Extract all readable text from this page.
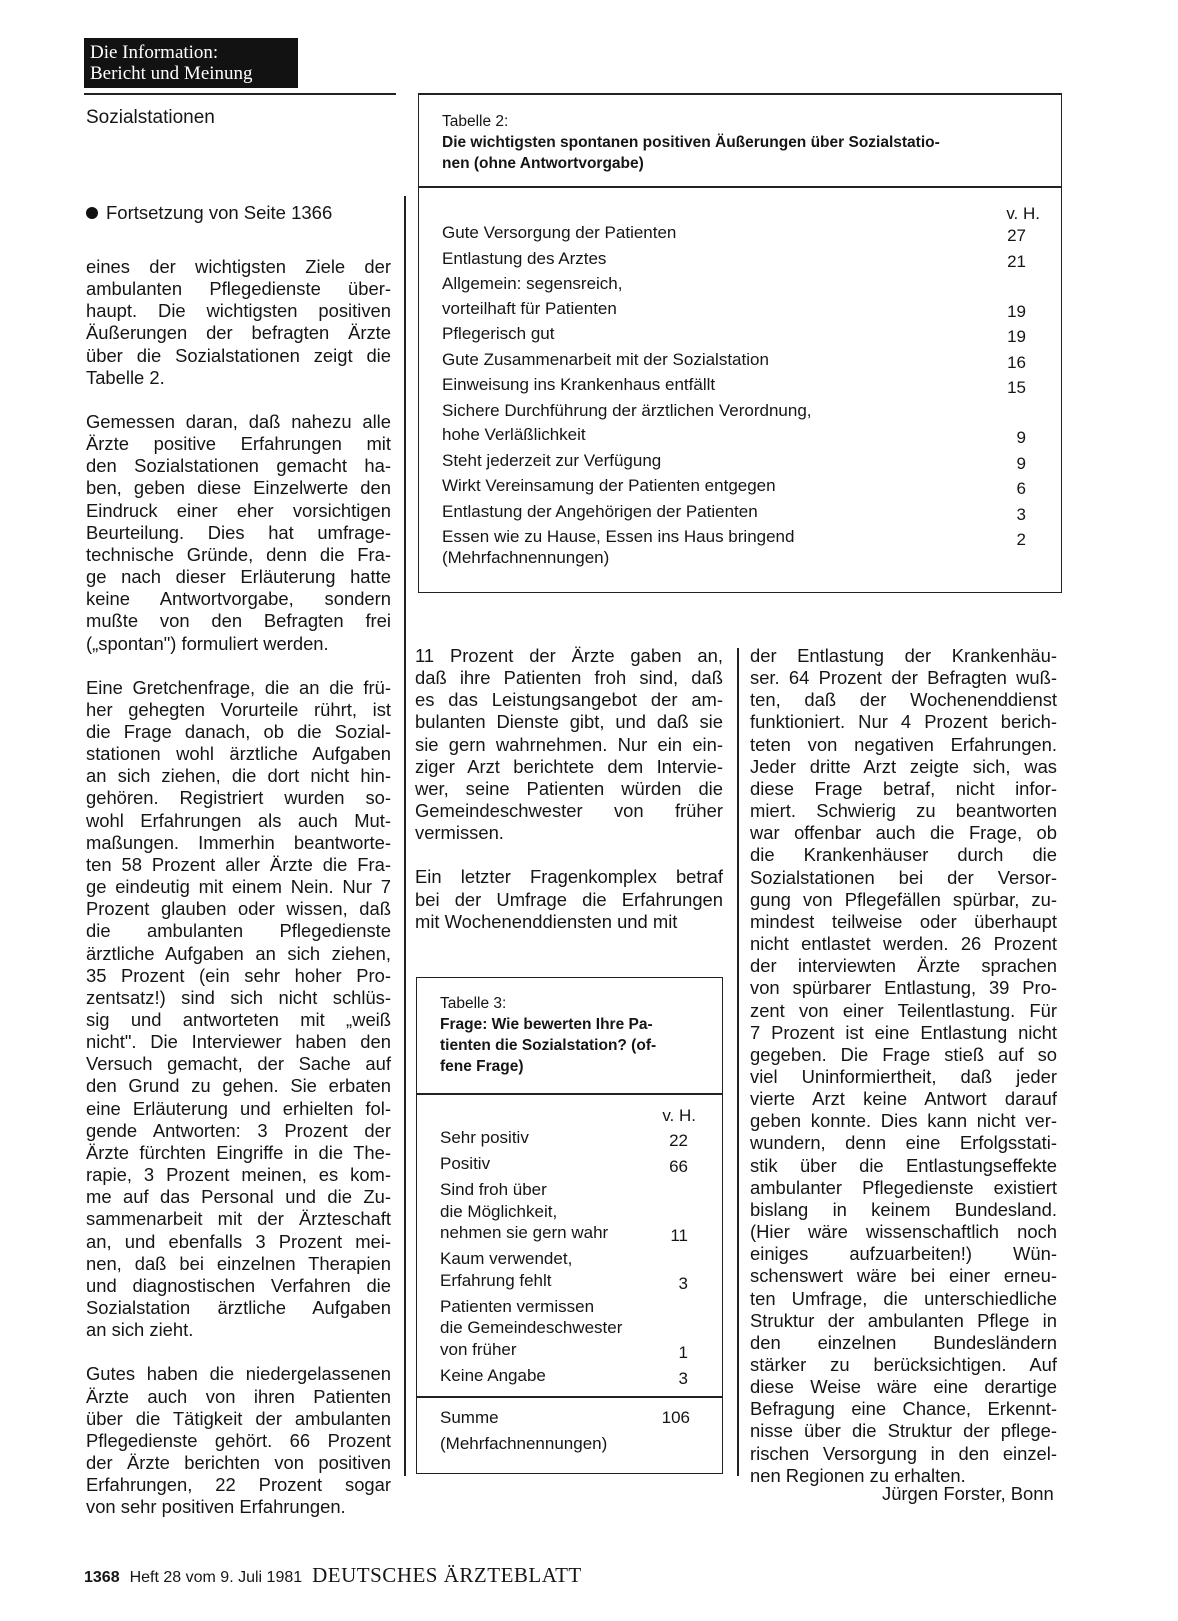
Die Information:
Bericht und Meinung
Sozialstationen
Fortsetzung von Seite 1366
eines der wichtigsten Ziele der
ambulanten Pflegedienste über-
haupt. Die wichtigsten positiven
Äußerungen der befragten Ärzte
über die Sozialstationen zeigt die
Tabelle 2.
Gemessen daran, daß nahezu alle
Ärzte positive Erfahrungen mit
den Sozialstationen gemacht ha-
ben, geben diese Einzelwerte den
Eindruck einer eher vorsichtigen
Beurteilung. Dies hat umfrage-
technische Gründe, denn die Fra-
ge nach dieser Erläuterung hatte
keine Antwortvorgabe, sondern
mußte von den Befragten frei
(„spontan") formuliert werden.
Eine Gretchenfrage, die an die frü-
her gehegten Vorurteile rührt, ist
die Frage danach, ob die Sozial-
stationen wohl ärztliche Aufgaben
an sich ziehen, die dort nicht hin-
gehören. Registriert wurden so-
wohl Erfahrungen als auch Mut-
maßungen. Immerhin beantworte-
ten 58 Prozent aller Ärzte die Fra-
ge eindeutig mit einem Nein. Nur 7
Prozent glauben oder wissen, daß
die ambulanten Pflegedienste
ärztliche Aufgaben an sich ziehen,
35 Prozent (ein sehr hoher Pro-
zentsatz!) sind sich nicht schlüs-
sig und antworteten mit „weiß
nicht". Die Interviewer haben den
Versuch gemacht, der Sache auf
den Grund zu gehen. Sie erbaten
eine Erläuterung und erhielten fol-
gende Antworten: 3 Prozent der
Ärzte fürchten Eingriffe in die The-
rapie, 3 Prozent meinen, es kom-
me auf das Personal und die Zu-
sammenarbeit mit der Ärzteschaft
an, und ebenfalls 3 Prozent mei-
nen, daß bei einzelnen Therapien
und diagnostischen Verfahren die
Sozialstation ärztliche Aufgaben
an sich zieht.
Gutes haben die niedergelassenen
Ärzte auch von ihren Patienten
über die Tätigkeit der ambulanten
Pflegedienste gehört. 66 Prozent
der Ärzte berichten von positiven
Erfahrungen, 22 Prozent sogar
von sehr positiven Erfahrungen.
Tabelle 2:
Die wichtigsten spontanen positiven Äußerungen über Sozialstatio-
nen (ohne Antwortvorgabe)
v. H.
Gute Versorgung der Patienten	27
Entlastung des Arztes	21
Allgemein: segensreich,
vorteilhaft für Patienten	19
Pflegerisch gut	19
Gute Zusammenarbeit mit der Sozialstation	16
Einweisung ins Krankenhaus entfällt	15
Sichere Durchführung der ärztlichen Verordnung,
hohe Verläßlichkeit	9
Steht jederzeit zur Verfügung	9
Wirkt Vereinsamung der Patienten entgegen	6
Entlastung der Angehörigen der Patienten	3
Essen wie zu Hause, Essen ins Haus bringend	2
(Mehrfachnennungen)
11 Prozent der Ärzte gaben an,
daß ihre Patienten froh sind, daß
es das Leistungsangebot der am-
bulanten Dienste gibt, und daß sie
sie gern wahrnehmen. Nur ein ein-
ziger Arzt berichtete dem Intervie-
wer, seine Patienten würden die
Gemeindeschwester von früher
vermissen.
Ein letzter Fragenkomplex betraf
bei der Umfrage die Erfahrungen
mit Wochenenddiensten und mit
Tabelle 3:
Frage: Wie bewerten Ihre Pa-
tienten die Sozialstation? (of-
fene Frage)
v. H.
Sehr positiv	22
Positiv	66
Sind froh über
die Möglichkeit,
nehmen sie gern wahr	11
Kaum verwendet,
Erfahrung fehlt	3
Patienten vermissen
die Gemeindeschwester
von früher	1
Keine Angabe	3
Summe	106
(Mehrfachnennungen)
der Entlastung der Krankenhäu-
ser. 64 Prozent der Befragten wuß-
ten, daß der Wochenenddienst
funktioniert. Nur 4 Prozent berich-
teten von negativen Erfahrungen.
Jeder dritte Arzt zeigte sich, was
diese Frage betraf, nicht infor-
miert. Schwierig zu beantworten
war offenbar auch die Frage, ob
die Krankenhäuser durch die
Sozialstationen bei der Versor-
gung von Pflegefällen spürbar, zu-
mindest teilweise oder überhaupt
nicht entlastet werden. 26 Prozent
der interviewten Ärzte sprachen
von spürbarer Entlastung, 39 Pro-
zent von einer Teilentlastung. Für
7 Prozent ist eine Entlastung nicht
gegeben. Die Frage stieß auf so
viel Uninformiertheit, daß jeder
vierte Arzt keine Antwort darauf
geben konnte. Dies kann nicht ver-
wundern, denn eine Erfolgsstati-
stik über die Entlastungseffekte
ambulanter Pflegedienste existiert
bislang in keinem Bundesland.
(Hier wäre wissenschaftlich noch
einiges aufzuarbeiten!) Wün-
schenswert wäre bei einer erneu-
ten Umfrage, die unterschiedliche
Struktur der ambulanten Pflege in
den einzelnen Bundesländern
stärker zu berücksichtigen. Auf
diese Weise wäre eine derartige
Befragung eine Chance, Erkennt-
nisse über die Struktur der pflege-
rischen Versorgung in den einzel-
nen Regionen zu erhalten.
Jürgen Forster, Bonn
1368 Heft 28 vom 9. Juli 1981 DEUTSCHES ÄRZTEBLATT
